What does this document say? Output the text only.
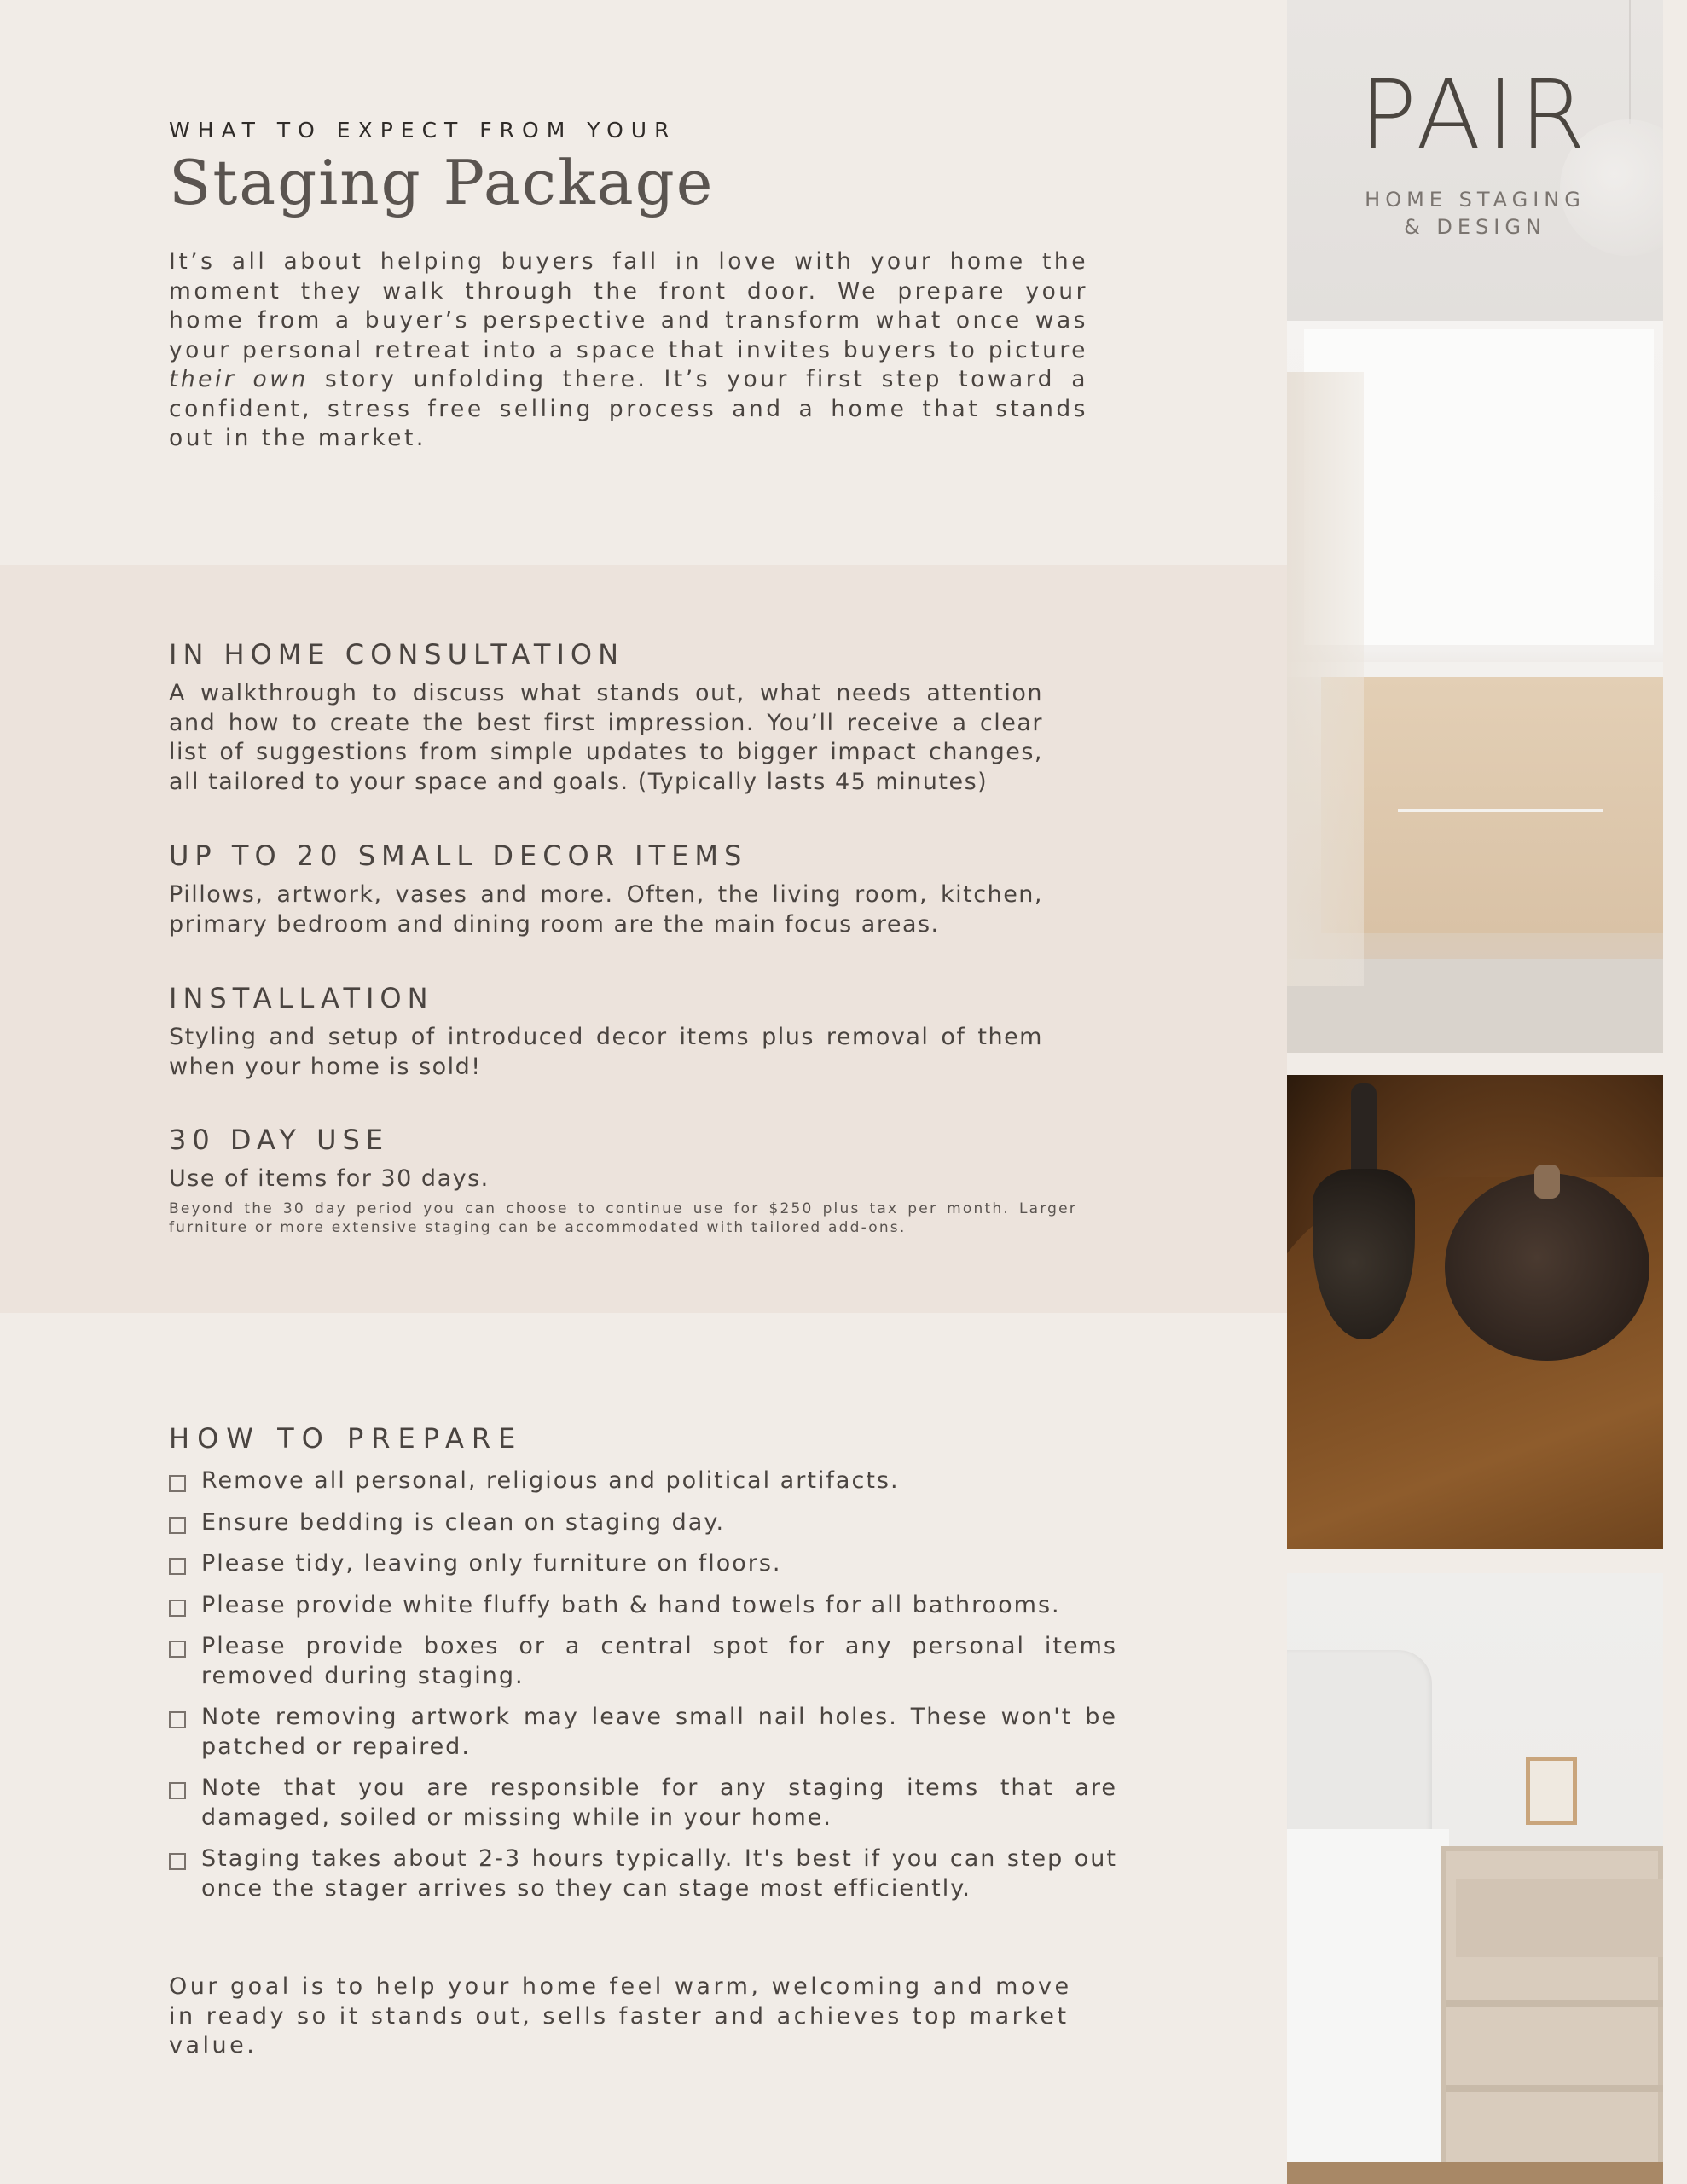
WHAT TO EXPECT FROM YOUR

Staging Package

It’s all about helping buyers fall in love with your home the moment they walk through the front door. We prepare your home from a buyer’s perspective and transform what once was your personal retreat into a space that invites buyers to picture their own story unfolding there. It’s your first step toward a confident, stress free selling process and a home that stands out in the market.

IN HOME CONSULTATION

A walkthrough to discuss what stands out, what needs attention and how to create the best first impression. You’ll receive a clear list of suggestions from simple updates to bigger impact changes, all tailored to your space and goals. (Typically lasts 45 minutes)

UP TO 20 SMALL DECOR ITEMS

Pillows, artwork, vases and more. Often, the living room, kitchen, primary bedroom and dining room are the main focus areas.

INSTALLATION

Styling and setup of introduced decor items plus removal of them when your home is sold!

30 DAY USE

Use of items for 30 days.

Beyond the 30 day period you can choose to continue use for $250 plus tax per month. Larger furniture or more extensive staging can be accommodated with tailored add-ons.

HOW TO PREPARE
Remove all personal, religious and political artifacts.
Ensure bedding is clean on staging day.
Please tidy, leaving only furniture on floors.
Please provide white fluffy bath & hand towels for all bathrooms.
Please provide boxes or a central spot for any personal items removed during staging.
Note removing artwork may leave small nail holes. These won't be patched or repaired.
Note that you are responsible for any staging items that are damaged, soiled or missing while in your home.
Staging takes about 2-3 hours typically. It's best if you can step out once the stager arrives so they can stage most efficiently.

Our goal is to help your home feel warm, welcoming and move in ready so it stands out, sells faster and achieves top market value.

PAIR

HOME STAGING
& DESIGN
